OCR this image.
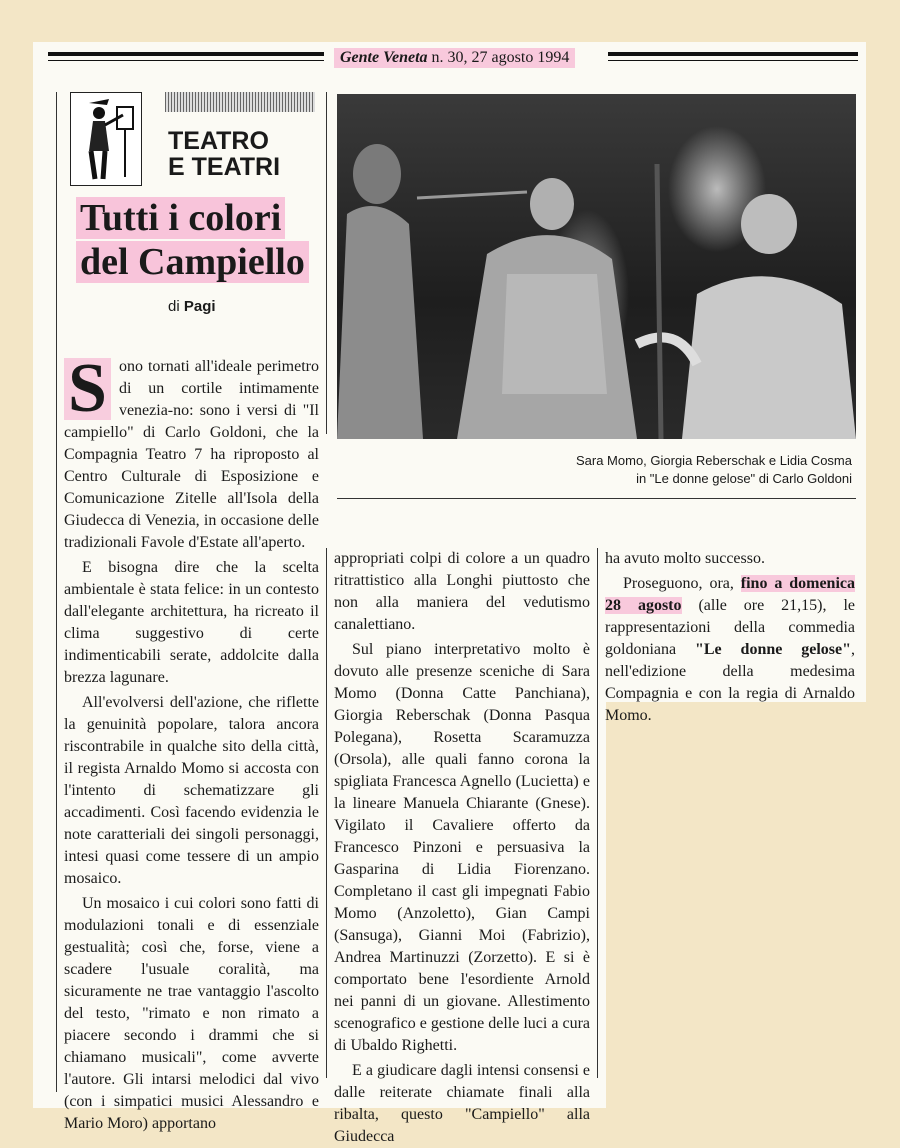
Gente Veneta n. 30, 27 agosto 1994
TEATRO
E TEATRI
Tutti i colori
del Campiello
di Pagi
Sara Momo, Giorgia Reberschak e Lidia Cosma
in "Le donne gelose" di Carlo Goldoni

S ono tornati all'ideale perimetro di un cortile intimamente venezia-no: sono i versi di "Il campiello" di Carlo Goldoni, che la Compagnia Teatro 7 ha riproposto al Centro Culturale di Esposizione e Comunicazione Zitelle all'Isola della Giudecca di Venezia, in occasione delle tradizionali Favole d'Estate all'aperto.

E bisogna dire che la scelta ambientale è stata felice: in un contesto dall'elegante architettura, ha ricreato il clima suggestivo di certe indimenticabili serate, addolcite dalla brezza lagunare.

All'evolversi dell'azione, che riflette la genuinità popolare, talora ancora riscontrabile in qualche sito della città, il regista Arnaldo Momo si accosta con l'intento di schematizzare gli accadimenti. Così facendo evidenzia le note caratteriali dei singoli personaggi, intesi quasi come tessere di un ampio mosaico.

Un mosaico i cui colori sono fatti di modulazioni tonali e di essenziale gestualità; così che, forse, viene a scadere l'usuale coralità, ma sicuramente ne trae vantaggio l'ascolto del testo, "rimato e non rimato a piacere secondo i drammi che si chiamano musicali", come avverte l'autore. Gli intarsi melodici dal vivo (con i simpatici musici Alessandro e Mario Moro) apportano

appropriati colpi di colore a un quadro ritrattistico alla Longhi piuttosto che non alla maniera del vedutismo canalettiano.

Sul piano interpretativo molto è dovuto alle presenze sceniche di Sara Momo (Donna Catte Panchiana), Giorgia Reberschak (Donna Pasqua Polegana), Rosetta Scaramuzza (Orsola), alle quali fanno corona la spigliata Francesca Agnello (Lucietta) e la lineare Manuela Chiarante (Gnese). Vigilato il Cavaliere offerto da Francesco Pinzoni e persuasiva la Gasparina di Lidia Fiorenzano. Completano il cast gli impegnati Fabio Momo (Anzoletto), Gian Campi (Sansuga), Gianni Moi (Fabrizio), Andrea Martinuzzi (Zorzetto). E si è comportato bene l'esordiente Arnold nei panni di un giovane. Allestimento scenografico e gestione delle luci a cura di Ubaldo Righetti.

E a giudicare dagli intensi consensi e dalle reiterate chiamate finali alla ribalta, questo "Campiello" alla Giudecca

ha avuto molto successo.

Proseguono, ora, fino a domenica 28 agosto (alle ore 21,15), le rappresentazioni della commedia goldoniana "Le donne gelose", nell'edizione della medesima Compagnia e con la regia di Arnaldo Momo.
